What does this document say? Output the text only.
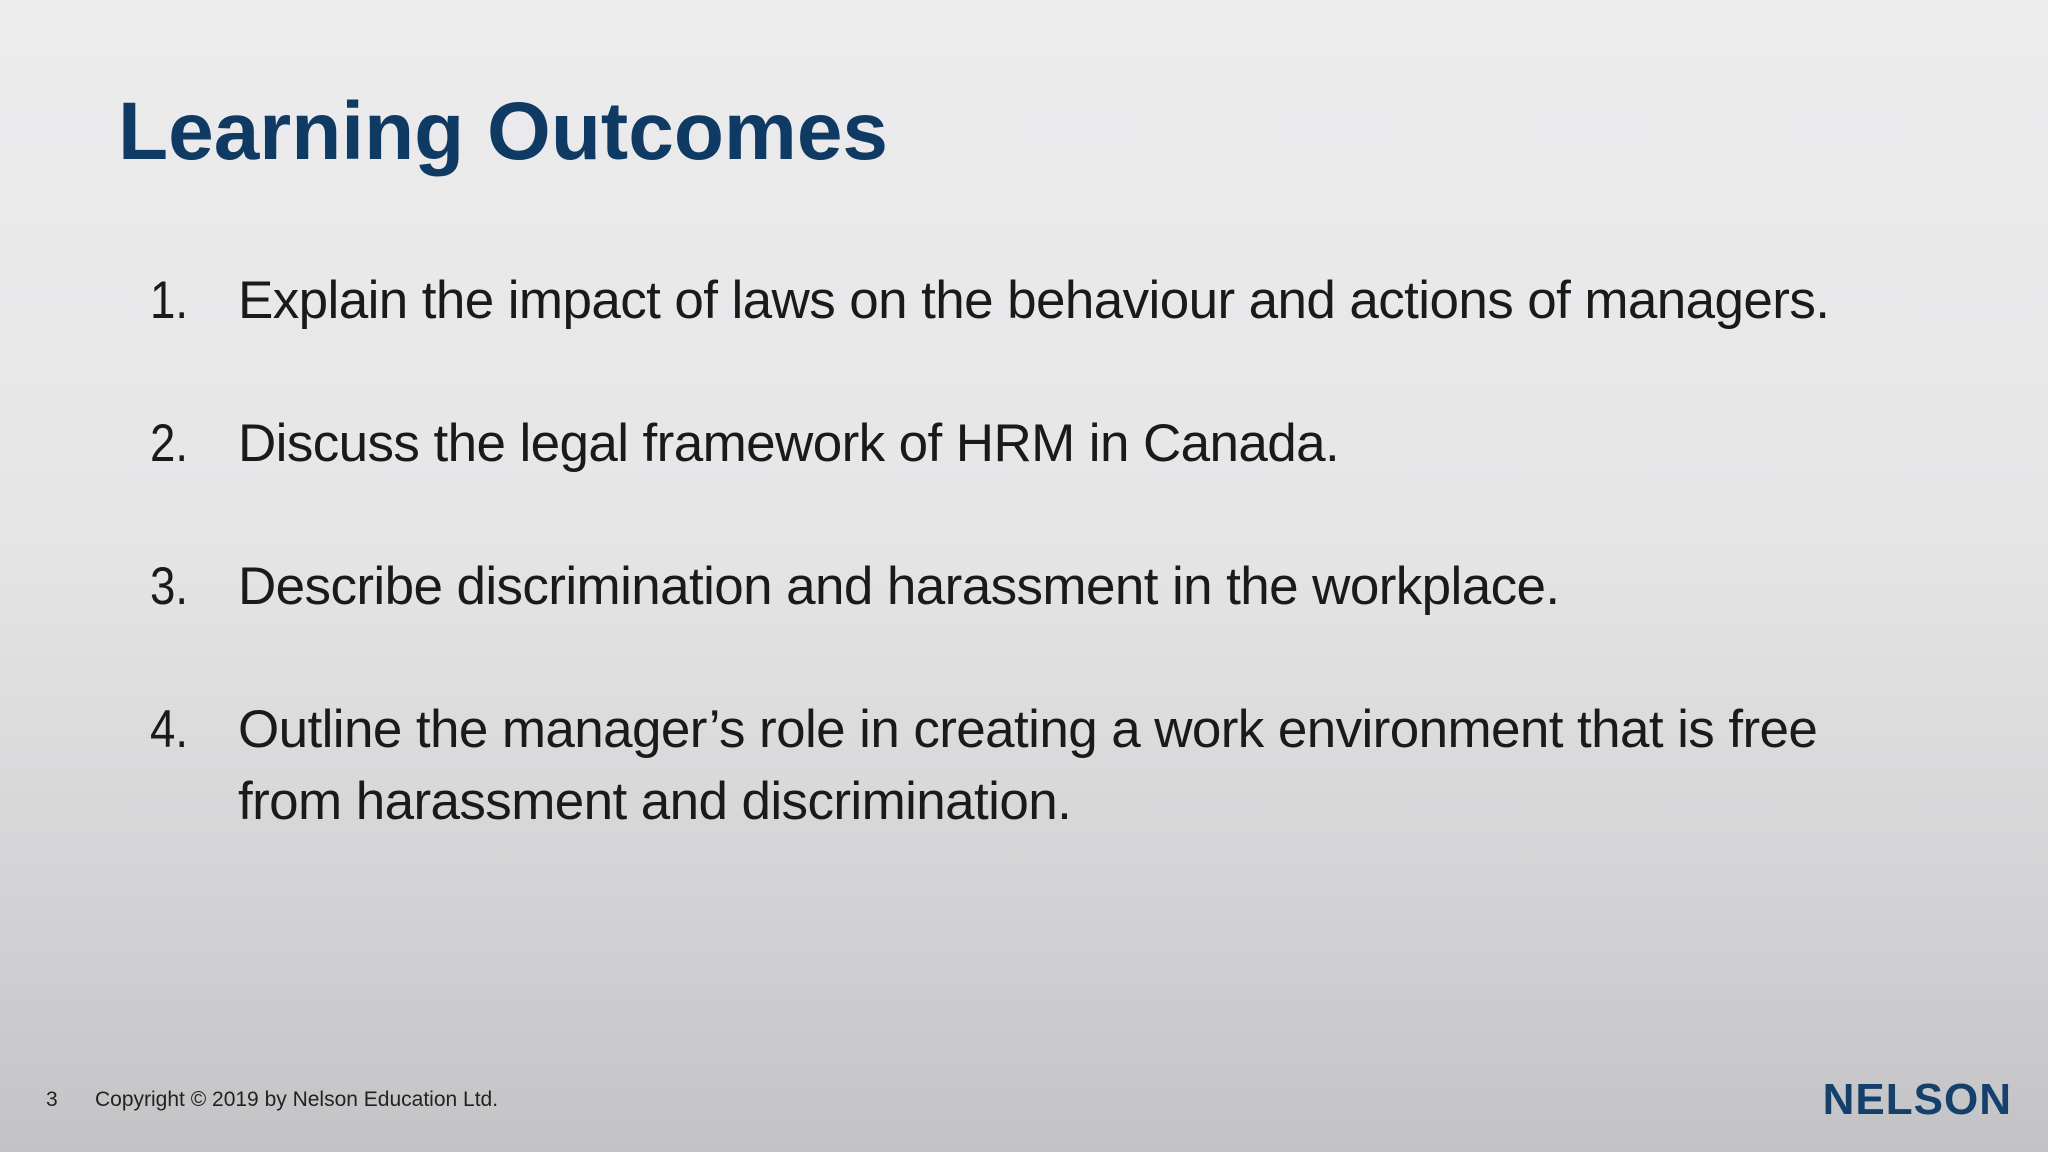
Learning Outcomes
1. Explain the impact of laws on the behaviour and actions of managers.
2. Discuss the legal framework of HRM in Canada.
3. Describe discrimination and harassment in the workplace.
4. Outline the manager’s role in creating a work environment that is free from harassment and discrimination.
3 Copyright © 2019 by Nelson Education Ltd.	NELSON
